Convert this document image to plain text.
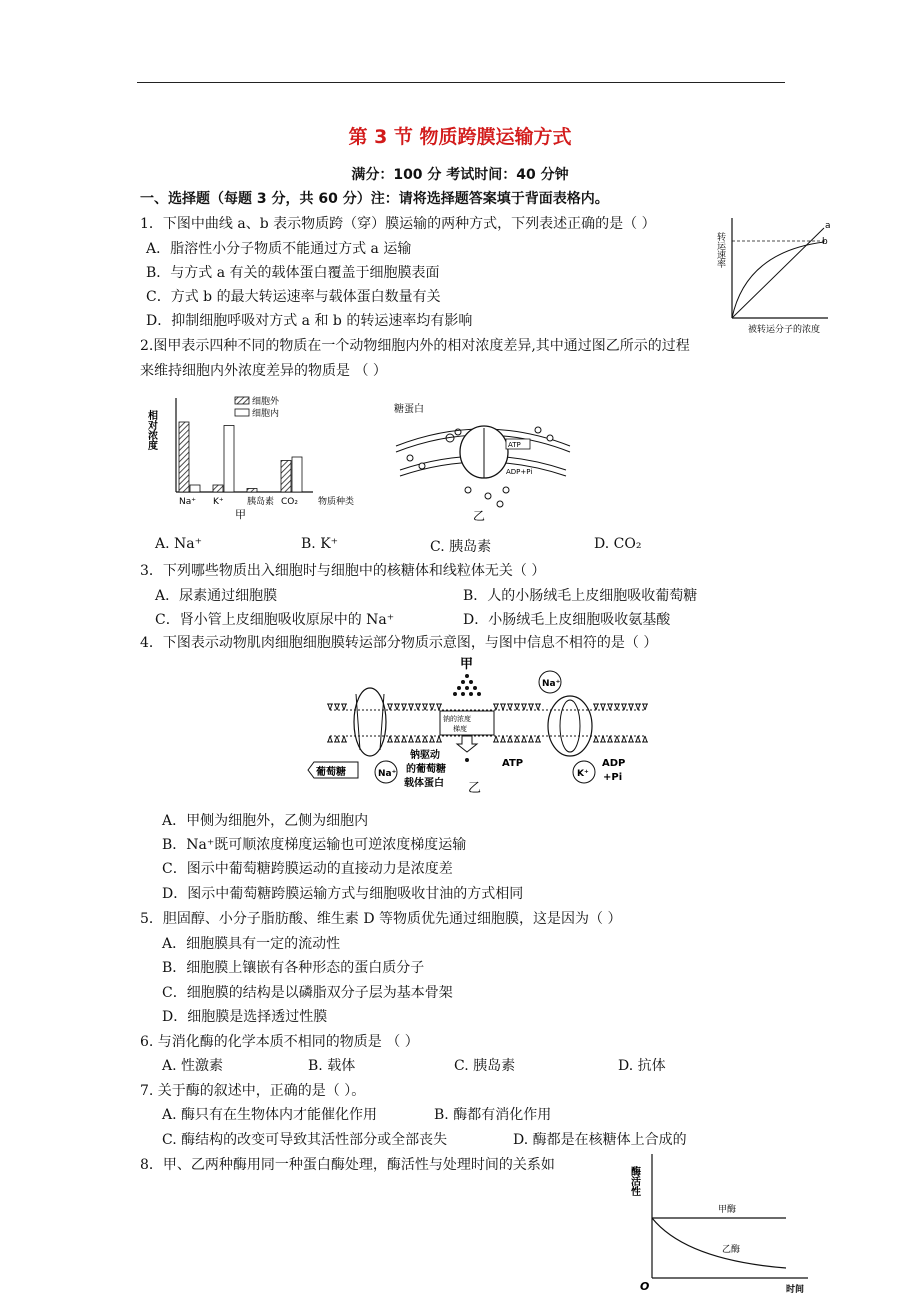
第 3 节 物质跨膜运输方式
满分：100 分 考试时间：40 分钟
一、选择题（每题 3 分，共 60 分）注：请将选择题答案填于背面表格内。
1．下图中曲线 a、b 表示物质跨（穿）膜运输的两种方式，下列表述正确的是（ ）
A．脂溶性小分子物质不能通过方式 a 运输
B．与方式 a 有关的载体蛋白覆盖于细胞膜表面
C．方式 b 的最大转运速率与载体蛋白数量有关
D．抑制细胞呼吸对方式 a 和 b 的转运速率均有影响
转运速率
a
b
被转运分子的浓度
2.图甲表示四种不同的物质在一个动物细胞内外的相对浓度差异,其中通过图乙所示的过程
来维持细胞内外浓度差异的物质是 （ ）
相对浓度
细胞外
细胞内
Na⁺ K⁺	胰岛素 CO₂ 物质种类
甲
糖蛋白
ATP
ADP+Pi
乙
A. Na⁺	B. K⁺	C. 胰岛素	D. CO₂
3．下列哪些物质出入细胞时与细胞中的核糖体和线粒体无关（ ）
A．尿素通过细胞膜	B．人的小肠绒毛上皮细胞吸收葡萄糖
C．肾小管上皮细胞吸收原尿中的 Na⁺	D．小肠绒毛上皮细胞吸收氨基酸
4．下图表示动物肌肉细胞细胞膜转运部分物质示意图，与图中信息不相符的是（ ）
甲
钠的浓度
梯度
葡萄糖	Na⁺
钠驱动
的葡萄糖
载体蛋白 乙
Na⁺
ATP	ADP
+Pi
K⁺
A．甲侧为细胞外，乙侧为细胞内
B．Na⁺既可顺浓度梯度运输也可逆浓度梯度运输
C．图示中葡萄糖跨膜运动的直接动力是浓度差
D．图示中葡萄糖跨膜运输方式与细胞吸收甘油的方式相同
5．胆固醇、小分子脂肪酸、维生素 D 等物质优先通过细胞膜，这是因为（ ）
A．细胞膜具有一定的流动性
B．细胞膜上镶嵌有各种形态的蛋白质分子
C．细胞膜的结构是以磷脂双分子层为基本骨架
D．细胞膜是选择透过性膜
6. 与消化酶的化学本质不相同的物质是 （ ）
A. 性激素	B. 载体	C. 胰岛素	D. 抗体
7. 关于酶的叙述中，正确的是（ ）。
A. 酶只有在生物体内才能催化作用	B. 酶都有消化作用
C. 酶结构的改变可导致其活性部分或全部丧失	D. 酶都是在核糖体上合成的
8．甲、乙两种酶用同一种蛋白酶处理，酶活性与处理时间的关系如
酶活性
甲酶
乙酶
O	时间
